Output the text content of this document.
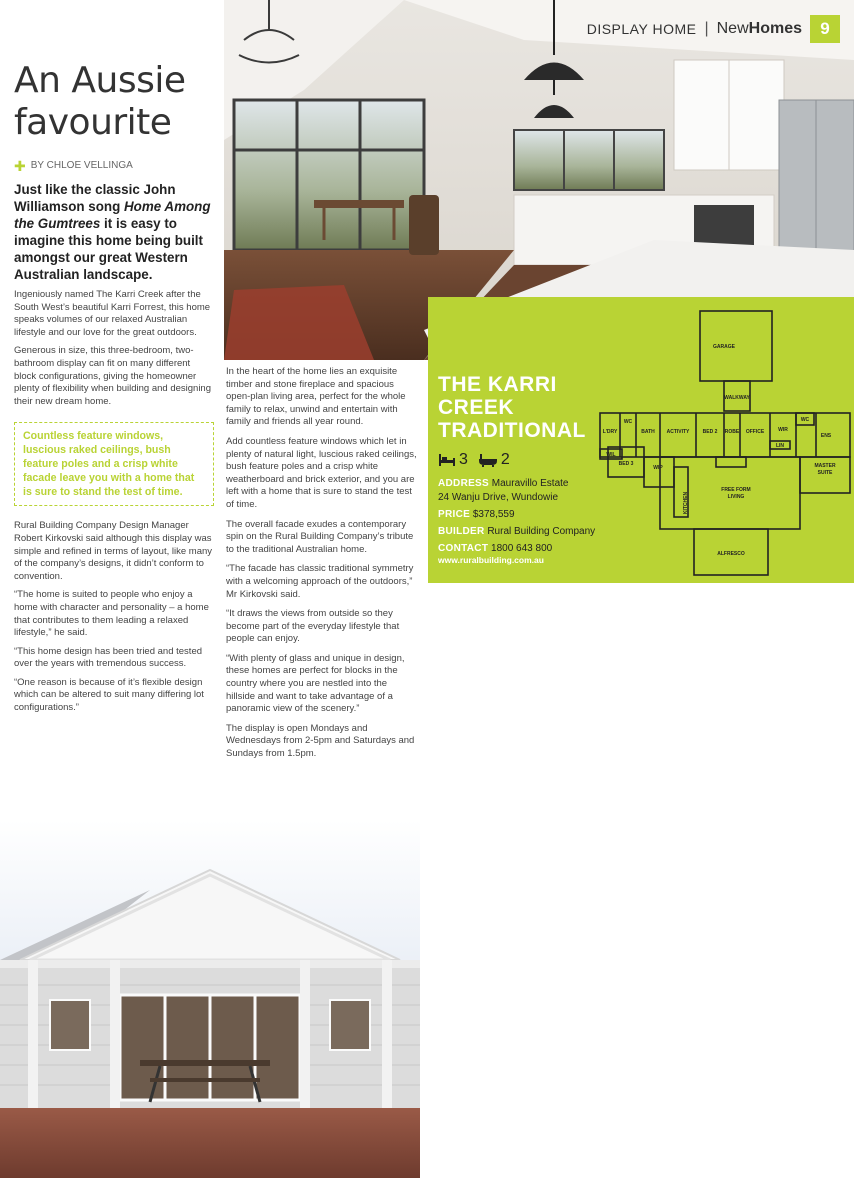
DISPLAY HOME | NewHomes	9
An Aussie
favourite
✚ BY CHLOE VELLINGA

Just like the classic John Williamson song Home Among the Gumtrees it is easy to imagine this home being built amongst our great Western Australian landscape.

Ingeniously named The Karri Creek after the South West’s beautiful Karri Forrest, this home speaks volumes of our relaxed Australian lifestyle and our love for the great outdoors.

Generous in size, this three-bedroom, two-bathroom display can fit on many different block configurations, giving the homeowner plenty of flexibility when building and designing their new dream home.

Countless feature windows, luscious raked ceilings, bush feature poles and a crisp white facade leave you with a home that is sure to stand the test of time.

Rural Building Company Design Manager Robert Kirkovski said although this display was simple and refined in terms of layout, like many of the company’s designs, it didn’t conform to convention.

“The home is suited to people who enjoy a home with character and personality – a home that contributes to them leading a relaxed lifestyle,” he said.

“This home design has been tried and tested over the years with tremendous success.

“One reason is because of it’s flexible design which can be altered to suit many differing lot configurations.”

In the heart of the home lies an exquisite timber and stone fireplace and spacious open-plan living area, perfect for the whole family to relax, unwind and entertain with family and friends all year round.

Add countless feature windows which let in plenty of natural light, luscious raked ceilings, bush feature poles and a crisp white weatherboard and brick exterior, and you are left with a home that is sure to stand the test of time.

The overall facade exudes a contemporary spin on the Rural Building Company’s tribute to the traditional Australian home.

“The facade has classic traditional symmetry with a welcoming approach of the outdoors,” Mr Kirkovski said.

“It draws the views from outside so they become part of the everyday lifestyle that people can enjoy.

“With plenty of glass and unique in design, these homes are perfect for blocks in the country where you are nestled into the hillside and want to take advantage of a panoramic view of the scenery.”

The display is open Mondays and Wednesdays from 2-5pm and Saturdays and Sundays from 1.5pm.

THE KARRI
CREEK
TRADITIONAL
3 2
ADDRESS Mauravillo Estate
24 Wanju Drive, Wundowie
PRICE $378,559
BUILDER Rural Building Company
CONTACT 1800 643 800
www.ruralbuilding.com.au
GARAGE
WALKWAY
WC
L'DRY	BATH ACTIVITY	BED 2 ROBE OFFICE	WIR
WC
ENS
LIN
WIL
BED 3
WIP
KITCHEN
FREE FORM
LIVING
MASTER
SUITE
ALFRESCO
